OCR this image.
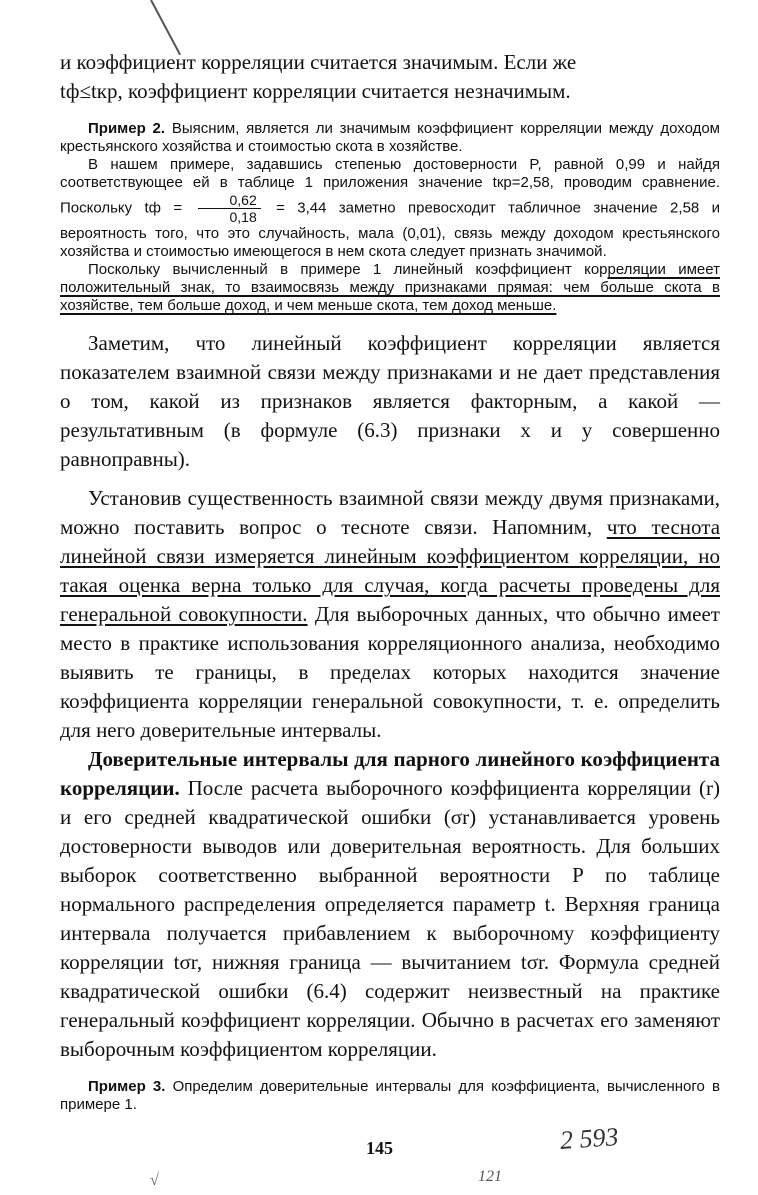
и коэффициент корреляции считается значимым. Если же

tф≤tкр, коэффициент корреляции считается незначимым.

Пример 2. Выясним, является ли значимым коэффициент корреляции между доходом крестьянского хозяйства и стоимостью скота в хозяйстве.

В нашем примере, задавшись степенью достоверности P, равной 0,99 и найдя соответствующее ей в таблице 1 приложения значение tкр=2,58, проводим сравнение. Поскольку tф = $\frac{0,62}{0,18} = 3,44$ заметно превосходит табличное значение 2,58 и вероятность того, что это случайность, мала (0,01), связь между доходом крестьянского хозяйства и стоимостью имеющегося в нем скота следует признать значимой.

Поскольку вычисленный в примере 1 линейный коэффициент корреляции имеет положительный знак, то взаимосвязь между признаками прямая: чем больше скота в хозяйстве, тем больше доход, и чем меньше скота, тем доход меньше.

Заметим, что линейный коэффициент корреляции является показателем взаимной связи между признаками и не дает представления о том, какой из признаков является факторным, а какой — результативным (в формуле (6.3) признаки x и y совершенно равноправны).

Установив существенность взаимной связи между двумя признаками, можно поставить вопрос о тесноте связи. Напомним, что теснота линейной связи измеряется линейным коэффициентом корреляции, но такая оценка верна только для случая, когда расчеты проведены для генеральной совокупности. Для выборочных данных, что обычно имеет место в практике использования корреляционного анализа, необходимо выявить те границы, в пределах которых находится значение коэффициента корреляции генеральной совокупности, т. е. определить для него доверительные интервалы.

Доверительные интервалы для парного линейного коэффициента корреляции. После расчета выборочного коэффициента корреляции (r) и его средней квадратической ошибки (σr) устанавливается уровень достоверности выводов или доверительная вероятность. Для больших выборок соответственно выбранной вероятности P по таблице нормального распределения определяется параметр t. Верхняя граница интервала получается прибавлением к выборочному коэффициенту корреляции tσr, нижняя граница — вычитанием tσr. Формула средней квадратической ошибки (6.4) содержит неизвестный на практике генеральный коэффициент корреляции. Обычно в расчетах его заменяют выборочным коэффициентом корреляции.

Пример 3. Определим доверительные интервалы для коэффициента, вычисленного в примере 1.

145	2 593
121
√
